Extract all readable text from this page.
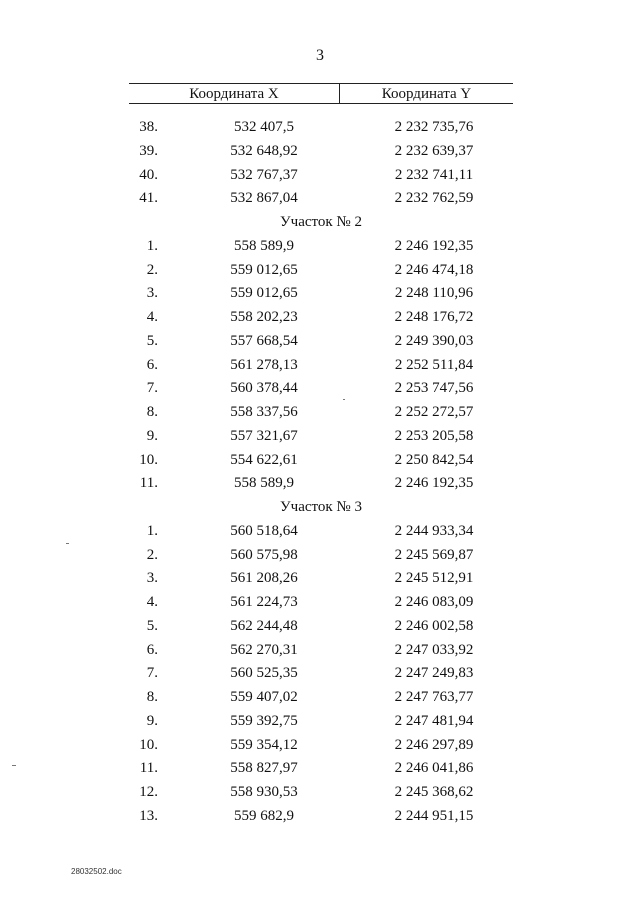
3
Координата X	Координата Y
38.	532 407,5	2 232 735,76
39.	532 648,92	2 232 639,37
40.	532 767,37	2 232 741,11
41.	532 867,04	2 232 762,59
Участок № 2
1.	558 589,9	2 246 192,35
2.	559 012,65	2 246 474,18
3.	559 012,65	2 248 110,96
4.	558 202,23	2 248 176,72
5.	557 668,54	2 249 390,03
6.	561 278,13	2 252 511,84
7.	560 378,44	2 253 747,56
8.	558 337,56	2 252 272,57
9.	557 321,67	2 253 205,58
10.	554 622,61	2 250 842,54
11.	558 589,9	2 246 192,35
Участок № 3
1.	560 518,64	2 244 933,34
2.	560 575,98	2 245 569,87
3.	561 208,26	2 245 512,91
4.	561 224,73	2 246 083,09
5.	562 244,48	2 246 002,58
6.	562 270,31	2 247 033,92
7.	560 525,35	2 247 249,83
8.	559 407,02	2 247 763,77
9.	559 392,75	2 247 481,94
10.	559 354,12	2 246 297,89
11.	558 827,97	2 246 041,86
12.	558 930,53	2 245 368,62
13.	559 682,9	2 244 951,15
28032502.doc
